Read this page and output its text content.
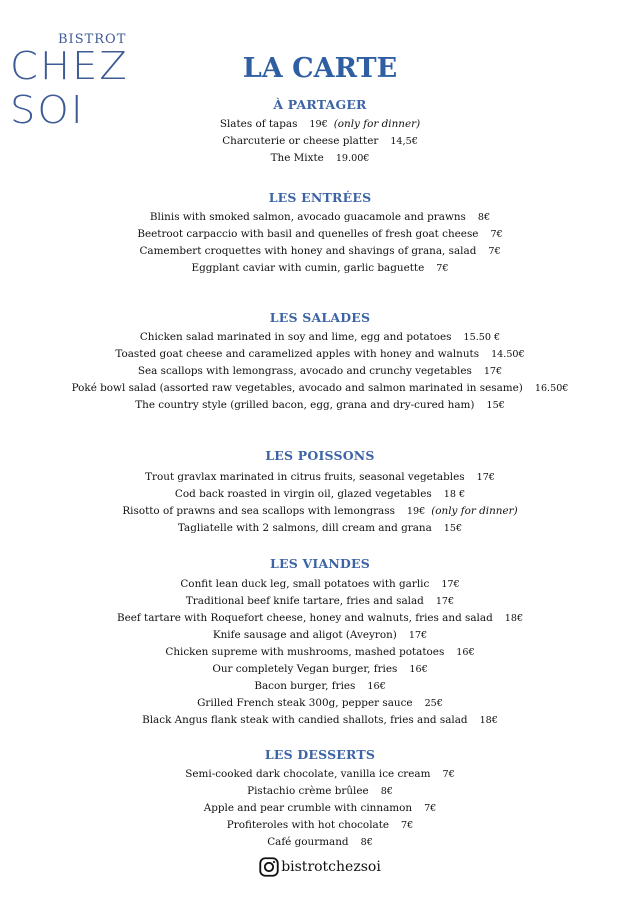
BISTROT
CHEZ SOI
LA CARTE
À PARTAGER
Slates of tapas 19€ (only for dinner)
Charcuterie or cheese platter 14,5€
The Mixte 19.00€
LES ENTRÉES
Blinis with smoked salmon, avocado guacamole and prawns 8€
Beetroot carpaccio with basil and quenelles of fresh goat cheese 7€
Camembert croquettes with honey and shavings of grana, salad 7€
Eggplant caviar with cumin, garlic baguette 7€
LES SALADES
Chicken salad marinated in soy and lime, egg and potatoes 15.50 €
Toasted goat cheese and caramelized apples with honey and walnuts 14.50€
Sea scallops with lemongrass, avocado and crunchy vegetables 17€
Poké bowl salad (assorted raw vegetables, avocado and salmon marinated in sesame) 16.50€
The country style (grilled bacon, egg, grana and dry-cured ham) 15€
LES POISSONS
Trout gravlax marinated in citrus fruits, seasonal vegetables 17€
Cod back roasted in virgin oil, glazed vegetables 18 €
Risotto of prawns and sea scallops with lemongrass 19€ (only for dinner)
Tagliatelle with 2 salmons, dill cream and grana 15€
LES VIANDES
Confit lean duck leg, small potatoes with garlic 17€
Traditional beef knife tartare, fries and salad 17€
Beef tartare with Roquefort cheese, honey and walnuts, fries and salad 18€
Knife sausage and aligot (Aveyron) 17€
Chicken supreme with mushrooms, mashed potatoes 16€
Our completely Vegan burger, fries 16€
Bacon burger, fries 16€
Grilled French steak 300g, pepper sauce 25€
Black Angus flank steak with candied shallots, fries and salad 18€
LES DESSERTS
Semi-cooked dark chocolate, vanilla ice cream 7€
Pistachio crème brûlee 8€
Apple and pear crumble with cinnamon 7€
Profiteroles with hot chocolate 7€
Café gourmand 8€
bistrotchezsoi
